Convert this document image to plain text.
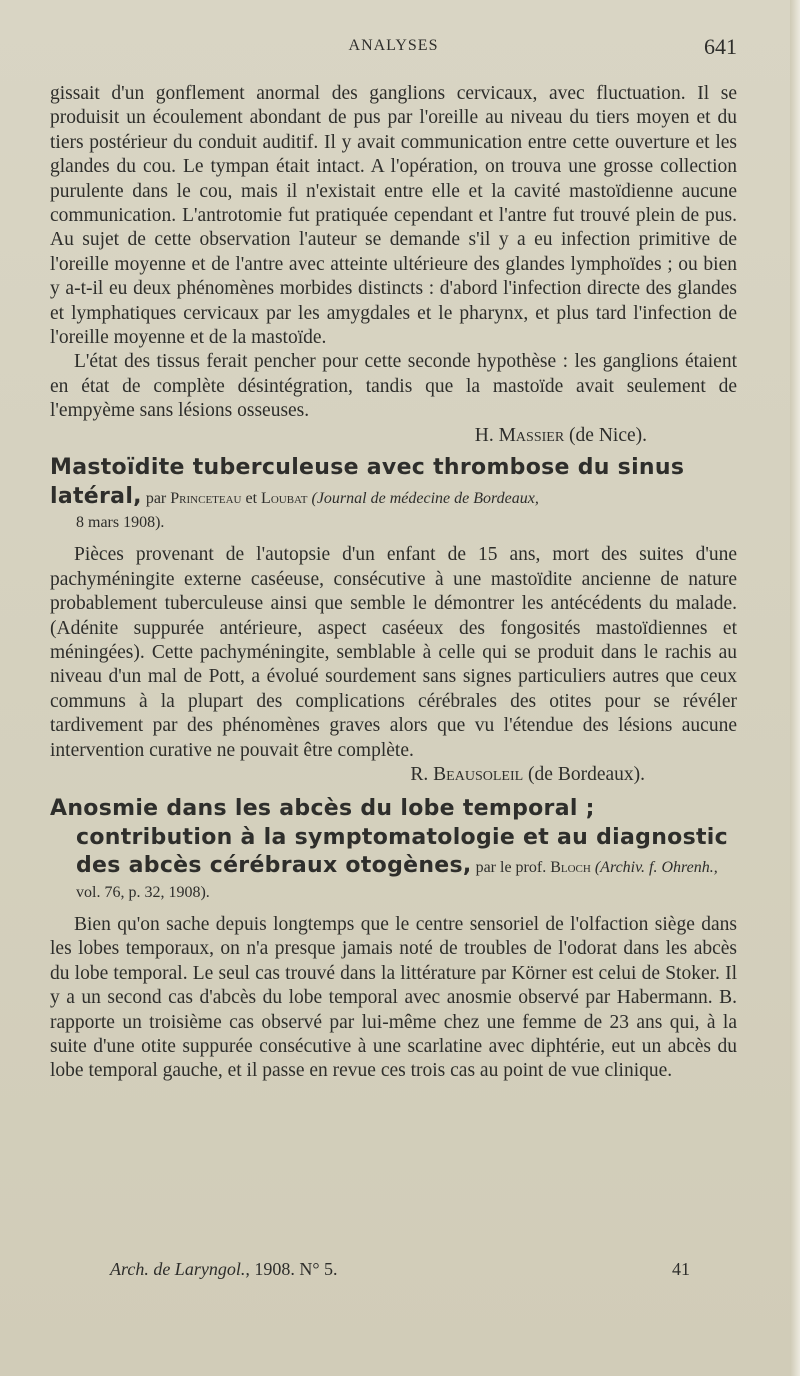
ANALYSES	641

gissait d'un gonflement anormal des ganglions cervicaux, avec fluctuation. Il se produisit un écoulement abondant de pus par l'oreille au niveau du tiers moyen et du tiers postérieur du conduit auditif. Il y avait communication entre cette ouverture et les glandes du cou. Le tympan était intact. A l'opération, on trouva une grosse collection purulente dans le cou, mais il n'existait entre elle et la cavité mastoïdienne aucune communication. L'antrotomie fut pratiquée cependant et l'antre fut trouvé plein de pus. Au sujet de cette observation l'auteur se demande s'il y a eu infection primitive de l'oreille moyenne et de l'antre avec atteinte ultérieure des glandes lymphoïdes ; ou bien y a-t-il eu deux phénomènes morbides distincts : d'abord l'infection directe des glandes et lymphatiques cervicaux par les amygdales et le pharynx, et plus tard l'infection de l'oreille moyenne et de la mastoïde.

L'état des tissus ferait pencher pour cette seconde hypothèse : les ganglions étaient en état de complète désintégration, tandis que la mastoïde avait seulement de l'empyème sans lésions osseuses.

H. Massier (de Nice).
Mastoïdite tuberculeuse avec thrombose du sinus latéral, par Princeteau et Loubat (Journal de médecine de Bordeaux,
8 mars 1908).

Pièces provenant de l'autopsie d'un enfant de 15 ans, mort des suites d'une pachyméningite externe caséeuse, consécutive à une mastoïdite ancienne de nature probablement tuberculeuse ainsi que semble le démontrer les antécédents du malade. (Adénite suppurée antérieure, aspect caséeux des fongosités mastoïdiennes et méningées). Cette pachyméningite, semblable à celle qui se produit dans le rachis au niveau d'un mal de Pott, a évolué sourdement sans signes particuliers autres que ceux communs à la plupart des complications cérébrales des otites pour se révéler tardivement par des phénomènes graves alors que vu l'étendue des lésions aucune intervention curative ne pouvait être complète.

R. Beausoleil (de Bordeaux).
Anosmie dans les abcès du lobe temporal ; contribution à la symptomatologie et au diagnostic des abcès cérébraux otogènes, par le prof. Bloch (Archiv. f. Ohrenh., vol. 76, p. 32, 1908).

Bien qu'on sache depuis longtemps que le centre sensoriel de l'olfaction siège dans les lobes temporaux, on n'a presque jamais noté de troubles de l'odorat dans les abcès du lobe temporal. Le seul cas trouvé dans la littérature par Körner est celui de Stoker. Il y a un second cas d'abcès du lobe temporal avec anosmie observé par Habermann. B. rapporte un troisième cas observé par lui-même chez une femme de 23 ans qui, à la suite d'une otite suppurée consécutive à une scarlatine avec diphtérie, eut un abcès du lobe temporal gauche, et il passe en revue ces trois cas au point de vue clinique.

Arch. de Laryngol., 1908. N° 5.	41
